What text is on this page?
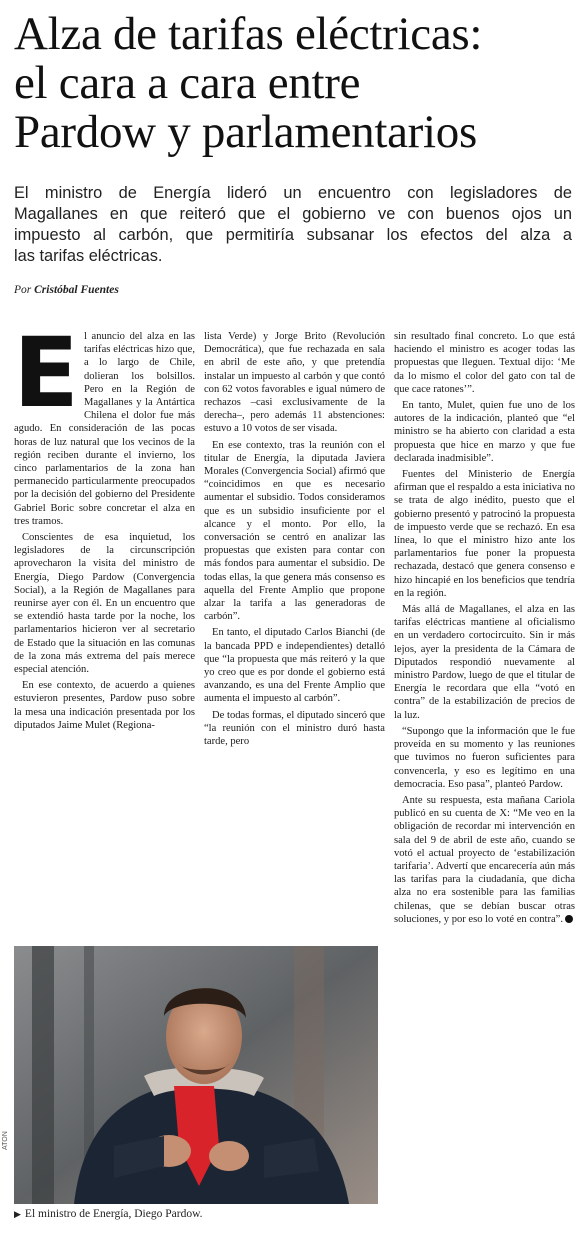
Alza de tarifas eléctricas:
el cara a cara entre
Pardow y parlamentarios
El ministro de Energía lideró un encuentro con legisladores de
Magallanes en que reiteró que el gobierno ve con buenos ojos un
impuesto al carbón, que permitiría subsanar los efectos del alza a
las tarifas eléctricas.
Por Cristóbal Fuentes
E l anuncio del alza en las tarifas eléctricas hizo que, a lo largo de Chile, dolieran los bolsillos. Pero en la Región de Magallanes y la Antártica Chilena el dolor fue más agudo. En consideración de las pocas horas de luz natural que los vecinos de la región reciben durante el invierno, los cinco parlamentarios de la zona han permanecido particularmente preocupados por la decisión del gobierno del Presidente Gabriel Boric sobre concretar el alza en tres tramos.

Conscientes de esa inquietud, los legisladores de la circunscripción aprovecharon la visita del ministro de Energía, Diego Pardow (Convergencia Social), a la Región de Magallanes para reunirse ayer con él. En un encuentro que se extendió hasta tarde por la noche, los parlamentarios hicieron ver al secretario de Estado que la situación en las comunas de la zona más extrema del país merece especial atención.

En ese contexto, de acuerdo a quienes estuvieron presentes, Pardow puso sobre la mesa una indicación presentada por los diputados Jaime Mulet (Regiona-

lista Verde) y Jorge Brito (Revolución Democrática), que fue rechazada en sala en abril de este año, y que pretendía instalar un impuesto al carbón y que contó con 62 votos favorables e igual número de rechazos –casi exclusivamente de la derecha–, pero además 11 abstenciones: estuvo a 10 votos de ser visada.

En ese contexto, tras la reunión con el titular de Energía, la diputada Javiera Morales (Convergencia Social) afirmó que “coincidimos en que es necesario aumentar el subsidio. Todos consideramos que es un subsidio insuficiente por el alcance y el monto. Por ello, la conversación se centró en analizar las propuestas que existen para contar con más fondos para aumentar el subsidio. De todas ellas, la que genera más consenso es aquella del Frente Amplio que propone alzar la tarifa a las generadoras de carbón”.

En tanto, el diputado Carlos Bianchi (de la bancada PPD e independientes) detalló que “la propuesta que más reiteró y la que yo creo que es por donde el gobierno está avanzando, es una del Frente Amplio que aumenta el impuesto al carbón”.

De todas formas, el diputado sinceró que “la reunión con el ministro duró hasta tarde, pero

sin resultado final concreto. Lo que está haciendo el ministro es acoger todas las propuestas que lleguen. Textual dijo: ‘Me da lo mismo el color del gato con tal de que cace ratones’”.

En tanto, Mulet, quien fue uno de los autores de la indicación, planteó que “el ministro se ha abierto con claridad a esta propuesta que hice en marzo y que fue declarada inadmisible”.

Fuentes del Ministerio de Energía afirman que el respaldo a esta iniciativa no se trata de algo inédito, puesto que el gobierno presentó y patrocinó la propuesta de impuesto verde que se rechazó. En esa línea, lo que el ministro hizo ante los parlamentarios fue poner la propuesta rechazada, destacó que genera consenso e hizo hincapié en los beneficios que tendría en la región.

Más allá de Magallanes, el alza en las tarifas eléctricas mantiene al oficialismo en un verdadero cortocircuito. Sin ir más lejos, ayer la presidenta de la Cámara de Diputados respondió nuevamente al ministro Pardow, luego de que el titular de Energía le recordara que ella “votó en contra” de la estabilización de precios de la luz.

“Supongo que la información que le fue proveída en su momento y las reuniones que tuvimos no fueron suficientes para convencerla, y eso es legítimo en una democracia. Eso pasa”, planteó Pardow.

Ante su respuesta, esta mañana Cariola publicó en su cuenta de X: “Me veo en la obligación de recordar mi intervención en sala del 9 de abril de este año, cuando se votó el actual proyecto de ‘estabilización tarifaria’. Advertí que encarecería aún más las tarifas para la ciudadanía, que dicha alza no era sostenible para las familias chilenas, que se debían buscar otras soluciones, y por eso lo voté en contra”.

ATON
▶ El ministro de Energía, Diego Pardow.
